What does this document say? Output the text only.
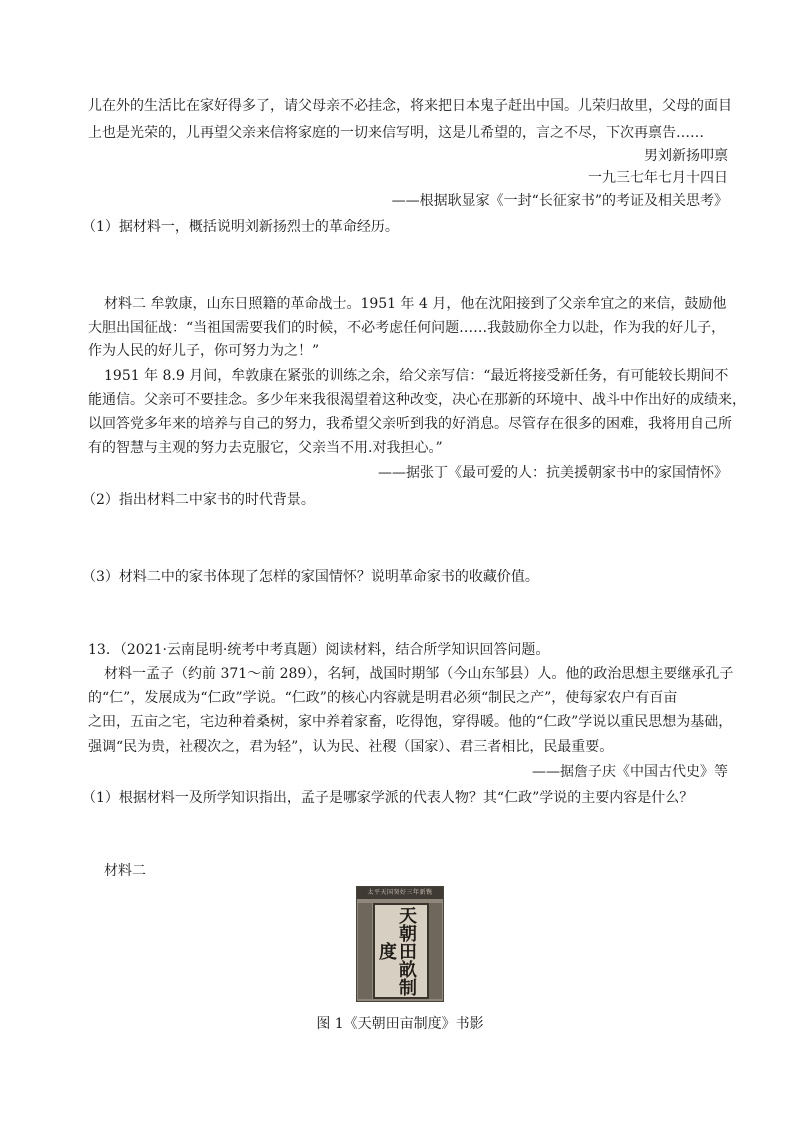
儿在外的生活比在家好得多了，请父母亲不必挂念，将来把日本鬼子赶出中国。儿荣归故里，父母的面目
上也是光荣的，儿再望父亲来信将家庭的一切来信写明，这是儿希望的，言之不尽，下次再禀告……
男刘新扬叩禀
一九三七年七月十四日
——根据耿显家《一封“长征家书”的考证及相关思考》
（1）据材料一，概括说明刘新扬烈士的革命经历。
材料二 牟敦康，山东日照籍的革命战士。1951 年 4 月，他在沈阳接到了父亲牟宜之的来信，鼓励他
大胆出国征战：“当祖国需要我们的时候，不必考虑任何问题……我鼓励你全力以赴，作为我的好儿子，
作为人民的好儿子，你可努力为之！”
1951 年 8.9 月间，牟敦康在紧张的训练之余，给父亲写信：“最近将接受新任务，有可能较长期间不
能通信。父亲可不要挂念。多少年来我很渴望着这种改变，决心在那新的环境中、战斗中作出好的成绩来，
以回答党多年来的培养与自己的努力，我希望父亲听到我的好消息。尽管存在很多的困难，我将用自己所
有的智慧与主观的努力去克服它，父亲当不用.对我担心。”
——据张丁《最可爱的人：抗美援朝家书中的家国情怀》
（2）指出材料二中家书的时代背景。
（3）材料二中的家书体现了怎样的家国情怀？说明革命家书的收藏价值。
13．（2021·云南昆明·统考中考真题）阅读材料，结合所学知识回答问题。
材料一孟子（约前 371～前 289），名轲，战国时期邹（今山东邹县）人。他的政治思想主要继承孔子
的“仁”，发展成为“仁政”学说。“仁政”的核心内容就是明君必须“制民之产”，使每家农户有百亩
之田，五亩之宅，宅边种着桑树，家中养着家畜，吃得饱，穿得暖。他的“仁政”学说以重民思想为基础，
强调“民为贵，社稷次之，君为轻”，认为民、社稷（国家）、君三者相比，民最重要。
——据詹子庆《中国古代史》等
（1）根据材料一及所学知识指出，孟子是哪家学派的代表人物？其“仁政”学说的主要内容是什么？
材料二
太平天国癸好三年新镌
天朝田畝制度
图 1《天朝田亩制度》书影
